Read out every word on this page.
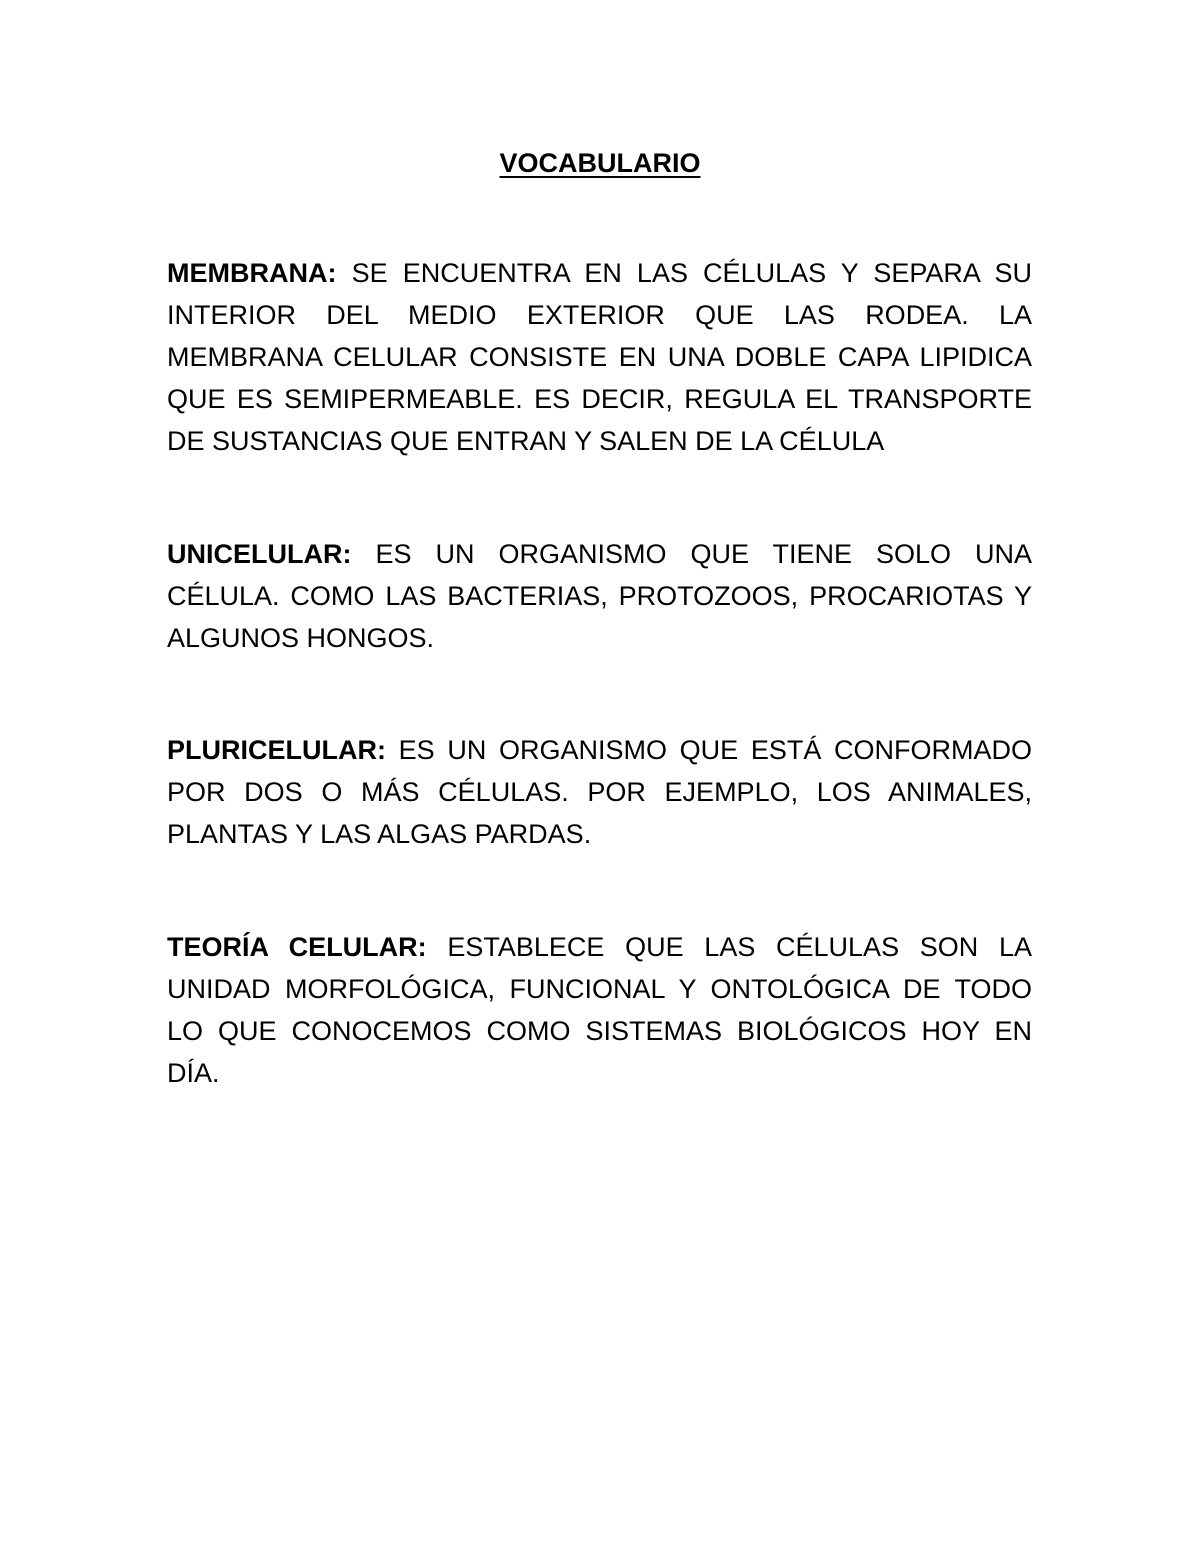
VOCABULARIO
MEMBRANA: SE ENCUENTRA EN LAS CÉLULAS Y SEPARA SU INTERIOR DEL MEDIO EXTERIOR QUE LAS RODEA. LA MEMBRANA CELULAR CONSISTE EN UNA DOBLE CAPA LIPIDICA QUE ES SEMIPERMEABLE. ES DECIR, REGULA EL TRANSPORTE DE SUSTANCIAS QUE ENTRAN Y SALEN DE LA CÉLULA
UNICELULAR: ES UN ORGANISMO QUE TIENE SOLO UNA CÉLULA. COMO LAS BACTERIAS, PROTOZOOS, PROCARIOTAS Y ALGUNOS HONGOS.
PLURICELULAR: ES UN ORGANISMO QUE ESTÁ CONFORMADO POR DOS O MÁS CÉLULAS. POR EJEMPLO, LOS ANIMALES, PLANTAS Y LAS ALGAS PARDAS.
TEORÍA CELULAR: ESTABLECE QUE LAS CÉLULAS SON LA UNIDAD MORFOLÓGICA, FUNCIONAL Y ONTOLÓGICA DE TODO LO QUE CONOCEMOS COMO SISTEMAS BIOLÓGICOS HOY EN DÍA.
